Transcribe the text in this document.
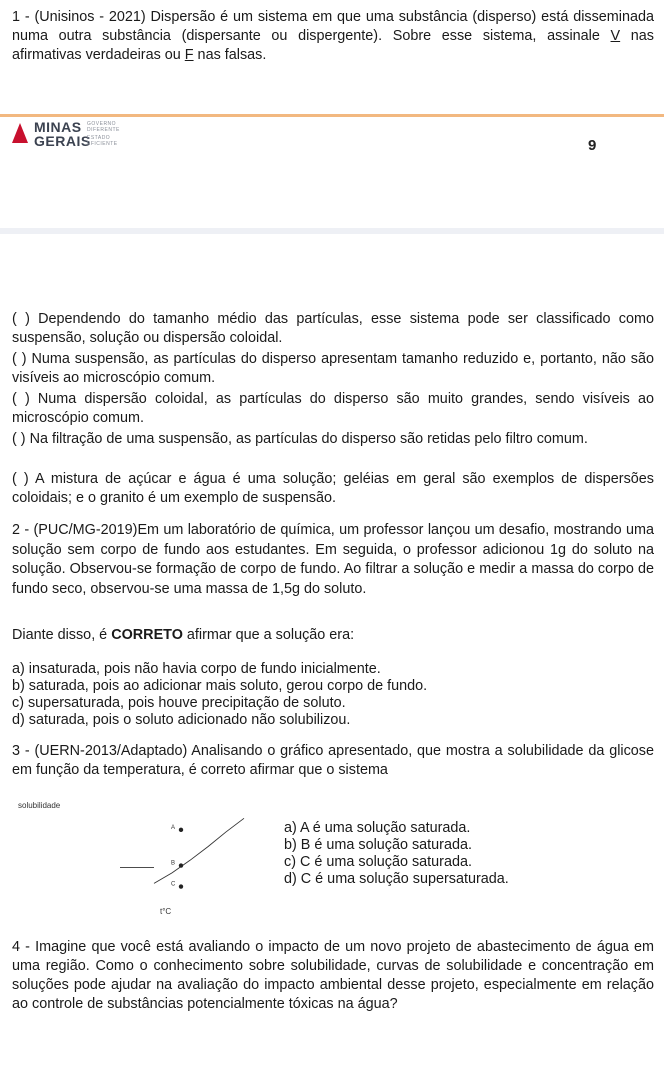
1 - (Unisinos - 2021) Dispersão é um sistema em que uma substância (disperso) está disseminada numa outra substância (dispersante ou dispergente). Sobre esse sistema, assinale V nas afirmativas verdadeiras ou F nas falsas.

MINAS
GERAIS
GOVERNO
DIFERENTE
ESTADO
EFICIENTE	9

( ) Dependendo do tamanho médio das partículas, esse sistema pode ser classificado como suspensão, solução ou dispersão coloidal.

( ) Numa suspensão, as partículas do disperso apresentam tamanho reduzido e, portanto, não são visíveis ao microscópio comum.

( ) Numa dispersão coloidal, as partículas do disperso são muito grandes, sendo visíveis ao microscópio comum.

( ) Na filtração de uma suspensão, as partículas do disperso são retidas pelo filtro comum.

( ) A mistura de açúcar e água é uma solução; geléias em geral são exemplos de dispersões coloidais; e o granito é um exemplo de suspensão.

2 - (PUC/MG-2019)Em um laboratório de química, um professor lançou um desafio, mostrando uma solução sem corpo de fundo aos estudantes. Em seguida, o professor adicionou 1g do soluto na solução. Observou-se formação de corpo de fundo. Ao filtrar a solução e medir a massa do corpo de fundo seco, observou-se uma massa de 1,5g do soluto.

Diante disso, é CORRETO afirmar que a solução era:

a) insaturada, pois não havia corpo de fundo inicialmente.
b) saturada, pois ao adicionar mais soluto, gerou corpo de fundo.
c) supersaturada, pois houve precipitação de soluto.
d) saturada, pois o soluto adicionado não solubilizou.

3 - (UERN-2013/Adaptado) Analisando o gráfico apresentado, que mostra a solubilidade da glicose em função da temperatura, é correto afirmar que o sistema

solubilidade
t°C
A
B
C
a) A é uma solução saturada.
b) B é uma solução saturada.
c) C é uma solução saturada.
d) C é uma solução supersaturada.

4 - Imagine que você está avaliando o impacto de um novo projeto de abastecimento de água em uma região. Como o conhecimento sobre solubilidade, curvas de solubilidade e concentração em soluções pode ajudar na avaliação do impacto ambiental desse projeto, especialmente em relação ao controle de substâncias potencialmente tóxicas na água?
